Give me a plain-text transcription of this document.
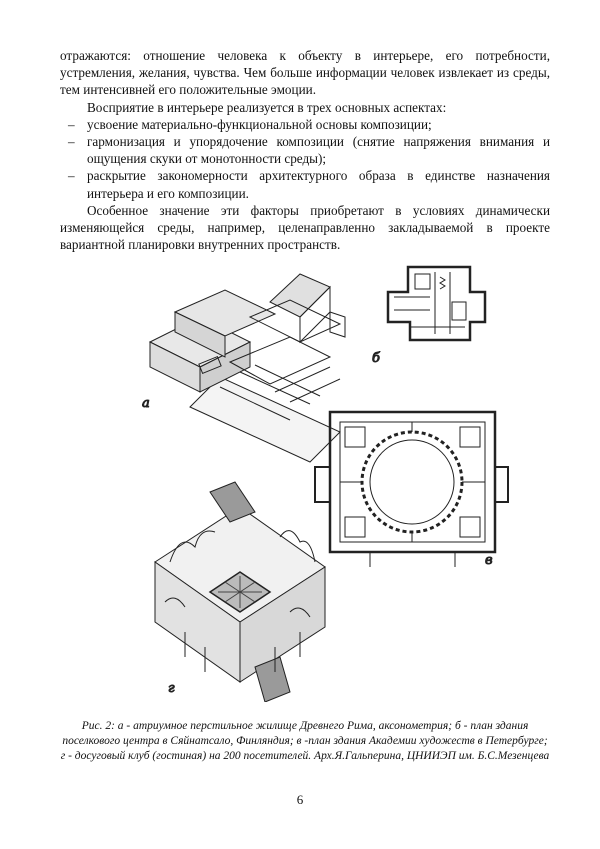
отражаются: отношение человека к объекту в интерьере, его потребности, устремления, желания, чувства. Чем больше информации человек извлекает из среды, тем интенсивней его положительные эмоции.

Восприятие в интерьере реализуется в трех основных аспектах:

– усвоение материально-функциональной основы композиции;
– гармонизация и упорядочение композиции (снятие напряжения внимания и ощущения скуки от монотонности среды);
– раскрытие закономерности архитектурного образа в единстве назначения интерьера и его композиции.

Особенное значение эти факторы приобретают в условиях динамически изменяющейся среды, например, целенаправленно закладываемой в проекте вариантной планировки внутренних пространств.

а
б
в
г
Рис. 2: а - атриумное перстильное жилище Древнего Рима, аксонометрия; б - план здания поселкового центра в Сяйнатсало, Финляндия; в -план здания Академии художеств в Петербурге; г - досуговый клуб (гостиная) на 200 посетителей. Арх.Я.Гальперина, ЦНИИЭП им. Б.С.Мезенцева
6
